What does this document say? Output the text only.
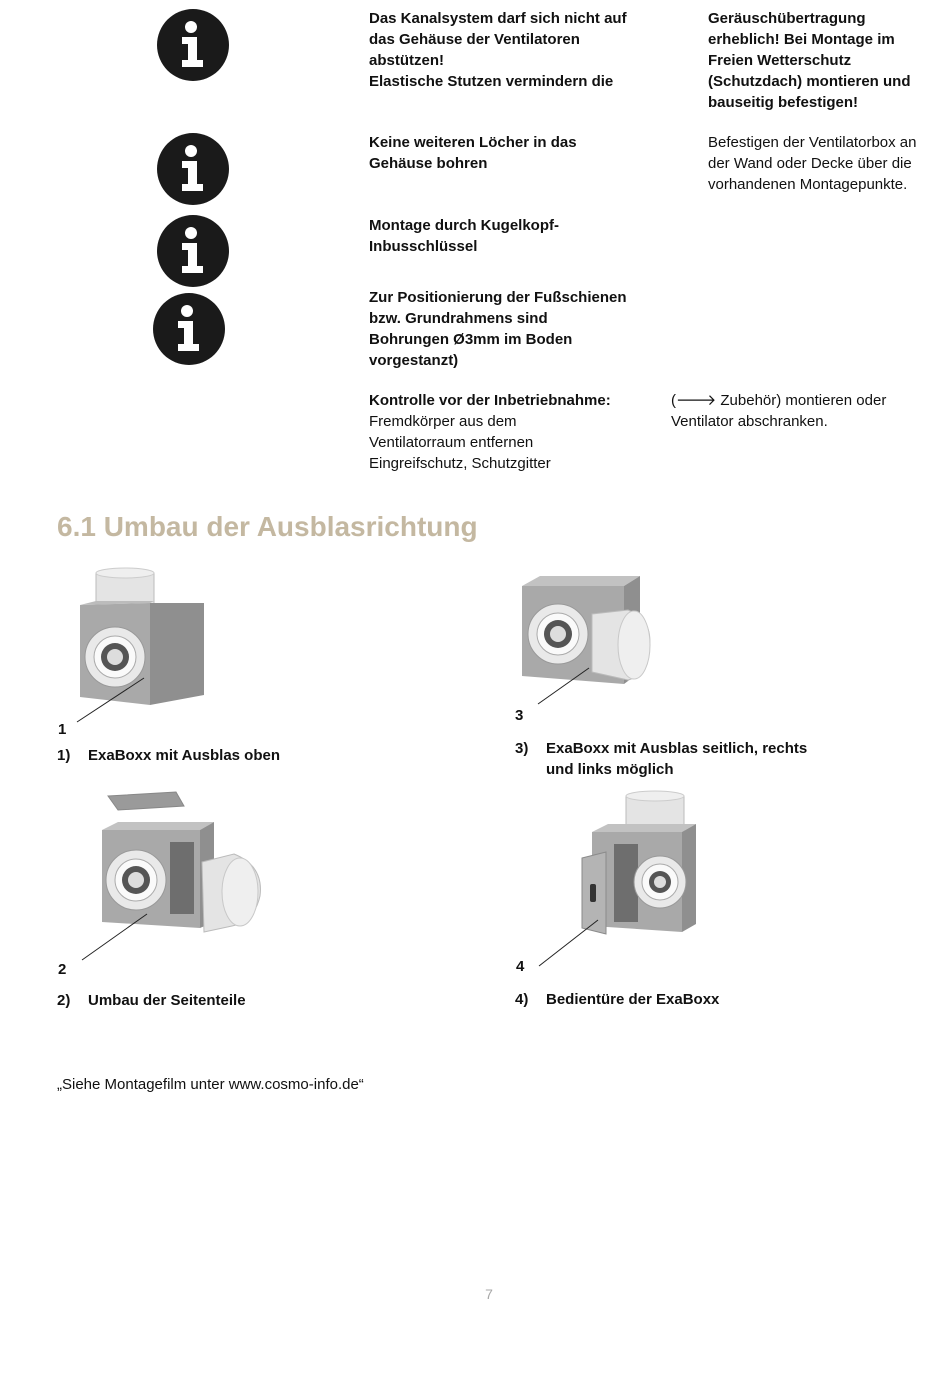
Das Kanalsystem darf sich nicht auf das Gehäuse der Ventilatoren abstützen!
Elastische Stutzen vermindern die
Geräuschübertragung erheblich! Bei Montage im Freien Wetterschutz (Schutzdach) montieren und bauseitig befestigen!
Keine weiteren Löcher in das Gehäuse bohren
Befestigen der Ventilatorbox an der Wand oder Decke über die vorhandenen Montagepunkte.
Montage durch Kugelkopf-Inbusschlüssel
Zur Positionierung der Fußschienen bzw. Grundrahmens sind Bohrungen Ø3mm im Boden vorgestanzt)
Kontrolle vor der Inbetriebnahme:
Fremdkörper aus dem Ventilatorraum entfernen
Eingreifschutz, Schutzgitter
(🡒 Zubehör) montieren oder Ventilator abschranken.
6.1 Umbau der Ausblasrichtung
1
1) ExaBoxx mit Ausblas oben
3
3) ExaBoxx mit Ausblas seitlich, rechts
und links möglich
2
2) Umbau der Seitenteile
4
4) Bedientüre der ExaBoxx
„Siehe Montagefilm unter www.cosmo-info.de“
7
